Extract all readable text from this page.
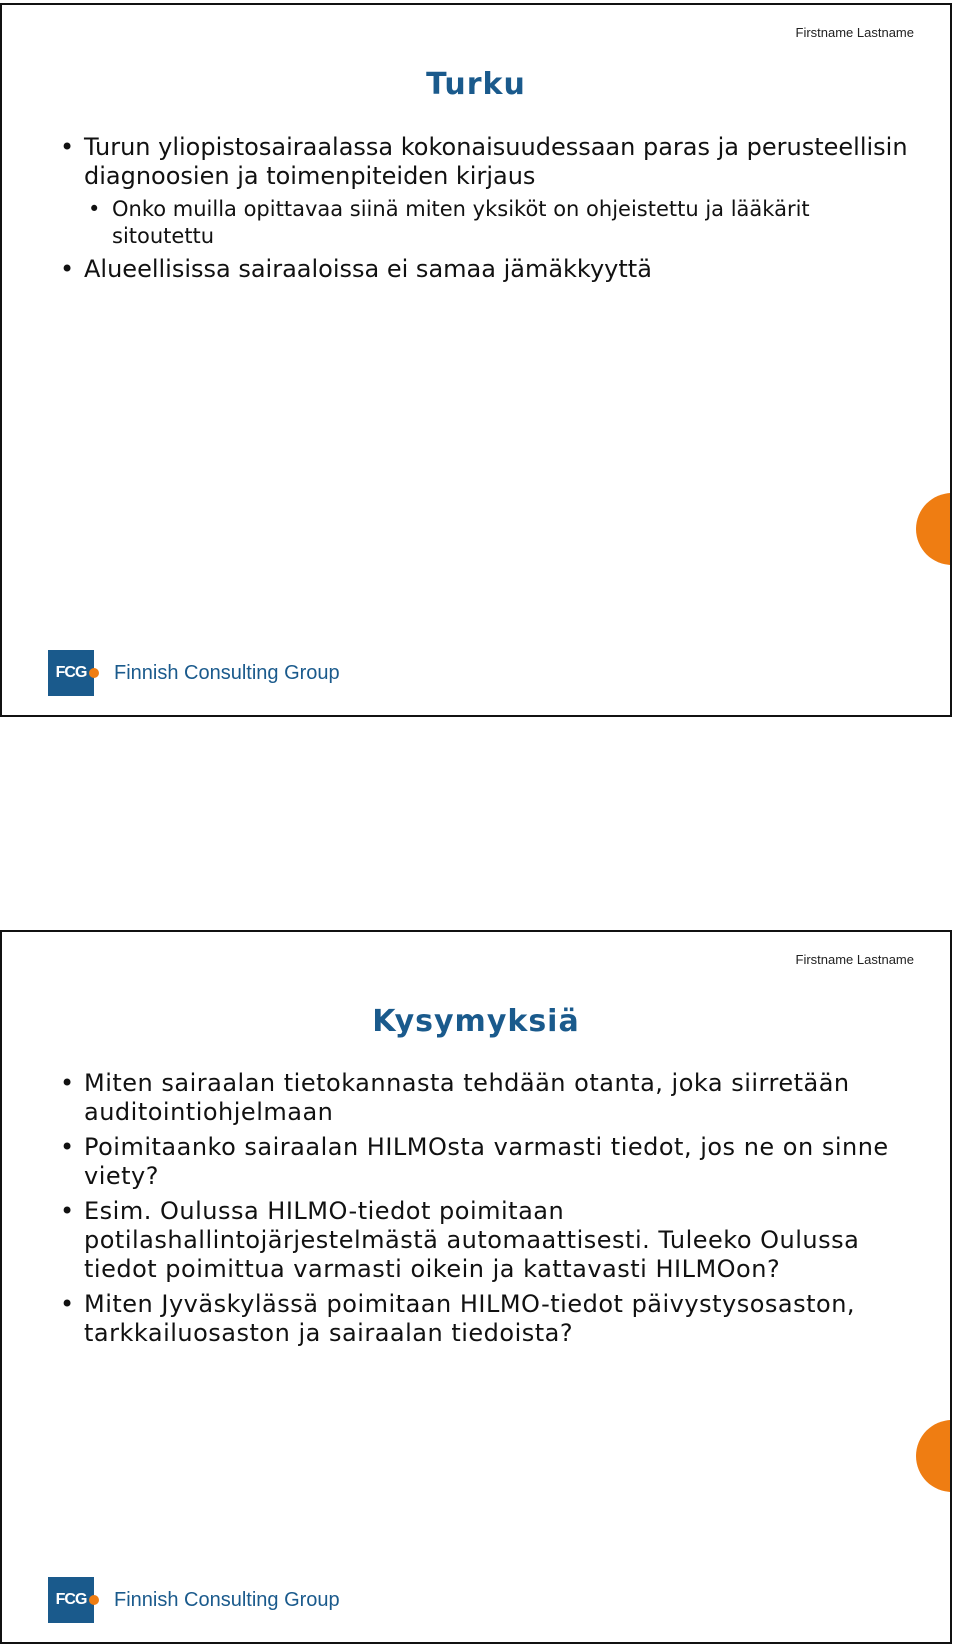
Firstname Lastname
Turku
• Turun yliopistosairaalassa kokonaisuudessaan paras ja perusteellisin diagnoosien ja toimenpiteiden kirjaus
• Onko muilla opittavaa siinä miten yksiköt on ohjeistettu ja lääkärit sitoutettu
• Alueellisissa sairaaloissa ei samaa jämäkkyyttä
FCG Finnish Consulting Group
Firstname Lastname
Kysymyksiä
• Miten sairaalan tietokannasta tehdään otanta, joka siirretään auditointiohjelmaan
• Poimitaanko sairaalan HILMOsta varmasti tiedot, jos ne on sinne viety?
• Esim. Oulussa HILMO-tiedot poimitaan potilashallintojärjestelmästä automaattisesti. Tuleeko Oulussa tiedot poimittua varmasti oikein ja kattavasti HILMOon?
• Miten Jyväskylässä poimitaan HILMO-tiedot päivystysosaston, tarkkailuosaston ja sairaalan tiedoista?
FCG Finnish Consulting Group
